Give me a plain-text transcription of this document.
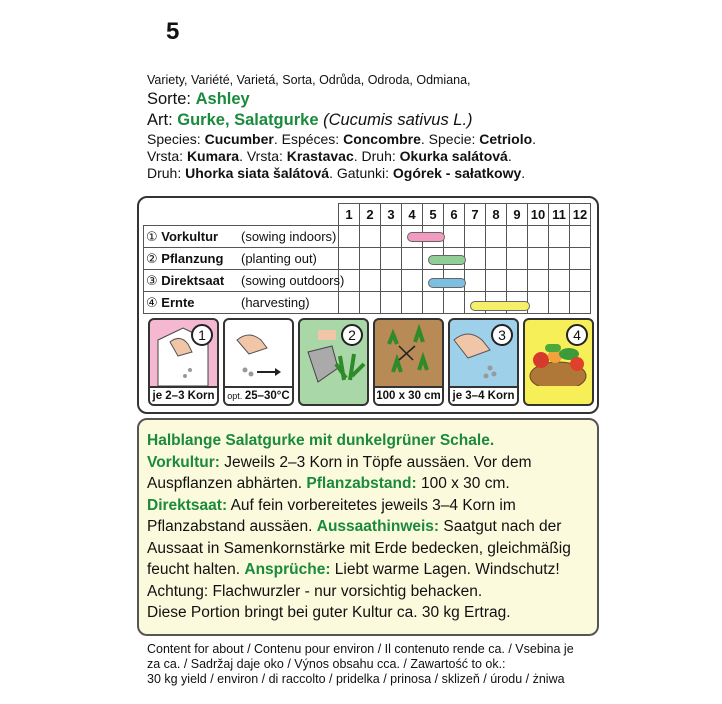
5
Variety, Variété, Varietá, Sorta, Odrůda, Odroda, Odmiana,
Sorte: Ashley
Art: Gurke, Salatgurke (Cucumis sativus L.)
Species: Cucumber. Espéces: Concombre. Specie: Cetriolo.
Vrsta: Kumara. Vrsta: Krastavac. Druh: Okurka salátová.
Druh: Uhorka siata šalátová. Gatunki: Ogórek - sałatkowy.
	1	2	3	4	5	6	7	8	9	10	11	12
① Vorkultur (sowing indoors)												

② Pflanzung (planting out)												

③ Direktsaat (sowing outdoors)												

④ Ernte (harvesting)												

1
je 2–3 Korn opt. 25–30°C
2
100 x 30 cm
3
je 3–4 Korn
4
Halblange Salatgurke mit dunkelgrüner Schale.
Vorkultur: Jeweils 2–3 Korn in Töpfe aussäen. Vor dem Auspflanzen abhärten. Pflanzabstand: 100 x 30 cm. Direktsaat: Auf fein vorbereitetes jeweils 3–4 Korn im Pflanzabstand aussäen. Aussaathinweis: Saatgut nach der Aussaat in Samenkornstärke mit Erde bedecken, gleichmäßig feucht halten. Ansprüche: Liebt warme Lagen. Windschutz! Achtung: Flachwurzler - nur vorsichtig behacken.
Diese Portion bringt bei guter Kultur ca. 30 kg Ertrag.
Content for about / Contenu pour environ / Il contenuto rende ca. / Vsebina je
za ca. / Sadržaj daje oko / Výnos obsahu cca. / Zawartość to ok.:
30 kg yield / environ / di raccolto / pridelka / prinosa / sklizeň / úrodu / żniwa
